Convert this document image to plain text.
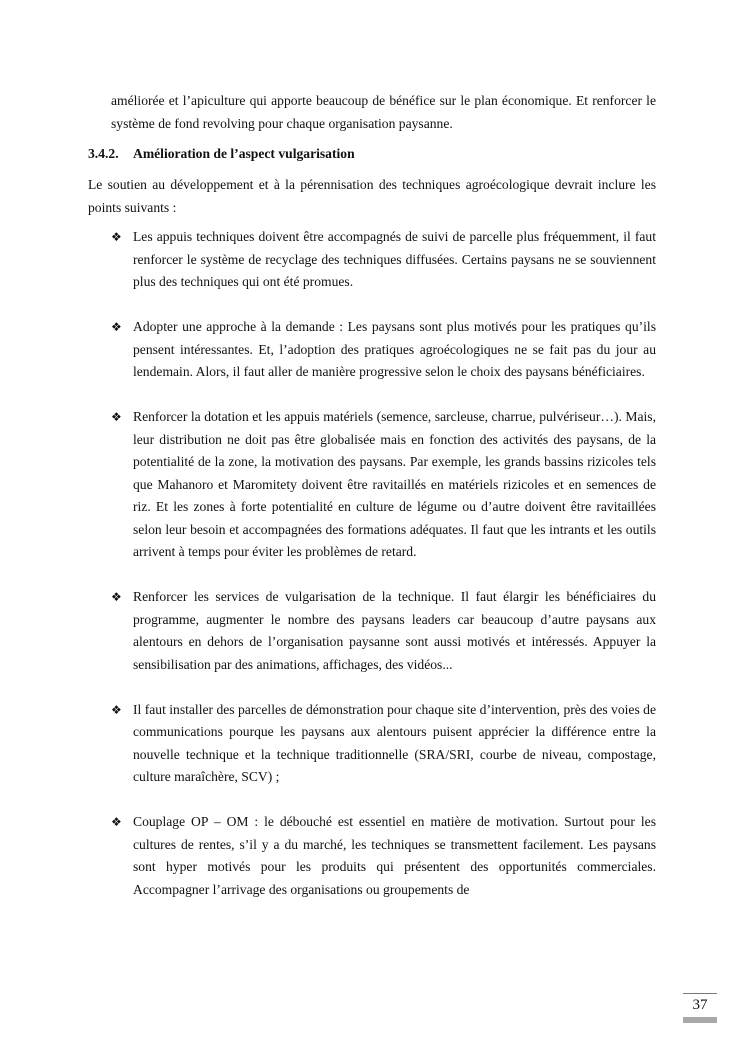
améliorée et l’apiculture qui apporte beaucoup de bénéfice sur le plan économique. Et renforcer le système de fond revolving pour chaque organisation paysanne.

3.4.2. Amélioration de l’aspect vulgarisation

Le soutien au développement et à la pérennisation des techniques agroécologique devrait inclure les points suivants :

❖ Les appuis techniques doivent être accompagnés de suivi de parcelle plus fréquemment, il faut renforcer le système de recyclage des techniques diffusées. Certains paysans ne se souviennent plus des techniques qui ont été promues.
❖ Adopter une approche à la demande : Les paysans sont plus motivés pour les pratiques qu’ils pensent intéressantes. Et, l’adoption des pratiques agroécologiques ne se fait pas du jour au lendemain. Alors, il faut aller de manière progressive selon le choix des paysans bénéficiaires.
❖ Renforcer la dotation et les appuis matériels (semence, sarcleuse, charrue, pulvériseur…). Mais, leur distribution ne doit pas être globalisée mais en fonction des activités des paysans, de la potentialité de la zone, la motivation des paysans. Par exemple, les grands bassins rizicoles tels que Mahanoro et Maromitety doivent être ravitaillés en matériels rizicoles et en semences de riz. Et les zones à forte potentialité en culture de légume ou d’autre doivent être ravitaillées selon leur besoin et accompagnées des formations adéquates. Il faut que les intrants et les outils arrivent à temps pour éviter les problèmes de retard.
❖ Renforcer les services de vulgarisation de la technique. Il faut élargir les bénéficiaires du programme, augmenter le nombre des paysans leaders car beaucoup d’autre paysans aux alentours en dehors de l’organisation paysanne sont aussi motivés et intéressés. Appuyer la sensibilisation par des animations, affichages, des vidéos...
❖ Il faut installer des parcelles de démonstration pour chaque site d’intervention, près des voies de communications pourque les paysans aux alentours puisent apprécier la différence entre la nouvelle technique et la technique traditionnelle (SRA/SRI, courbe de niveau, compostage, culture maraîchère, SCV) ;
❖ Couplage OP – OM : le débouché est essentiel en matière de motivation. Surtout pour les cultures de rentes, s’il y a du marché, les techniques se transmettent facilement. Les paysans sont hyper motivés pour les produits qui présentent des opportunités commerciales. Accompagner l’arrivage des organisations ou groupements de
37
